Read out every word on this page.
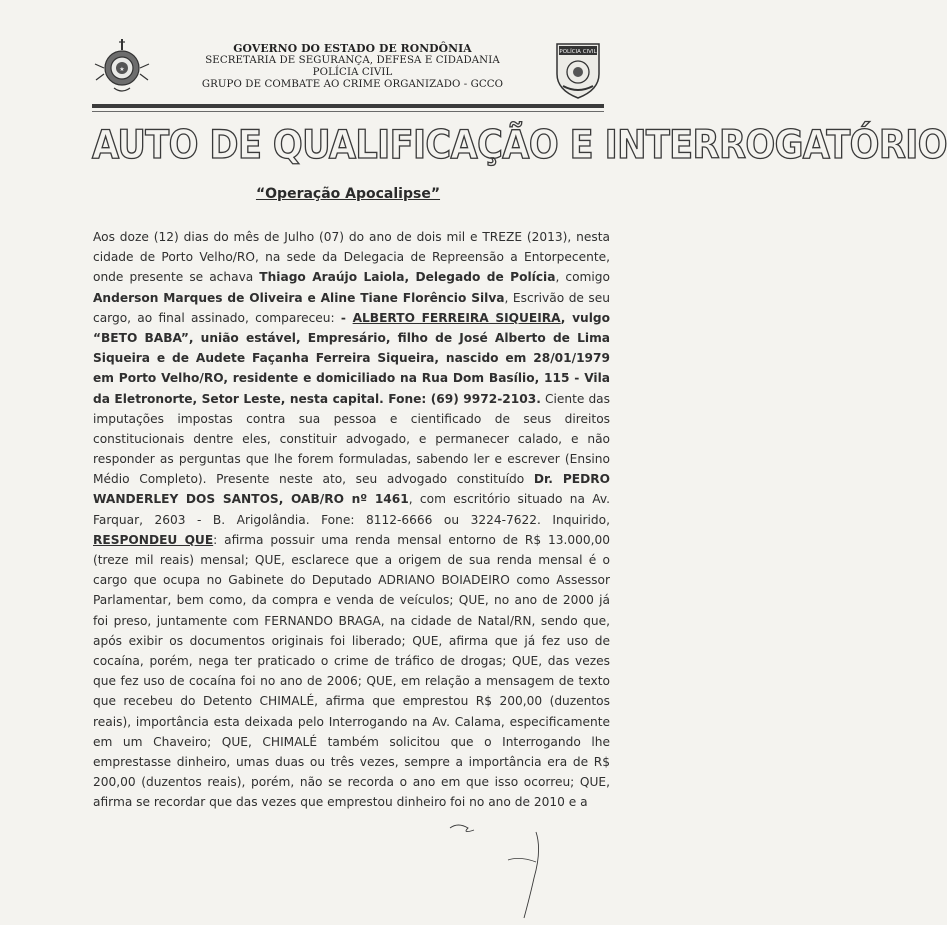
★
GOVERNO DO ESTADO DE RONDÔNIA
SECRETARIA DE SEGURANÇA, DEFESA E CIDADANIA
POLÍCIA CIVIL
GRUPO DE COMBATE AO CRIME ORGANIZADO - GCCO
POLÍCIA CIVIL
AUTO DE QUALIFICAÇÃO E INTERROGATÓRIO
“Operação Apocalipse”
Aos doze (12) dias do mês de Julho (07) do ano de dois mil e TREZE (2013), nesta
cidade de Porto Velho/RO, na sede da Delegacia de Repreensão a Entorpecente,
onde presente se achava Thiago Araújo Laiola, Delegado de Polícia, comigo
Anderson Marques de Oliveira e Aline Tiane Florêncio Silva, Escrivão de seu
cargo, ao final assinado, compareceu: - ALBERTO FERREIRA SIQUEIRA, vulgo
“BETO BABA”, união estável, Empresário, filho de José Alberto de Lima
Siqueira e de Audete Façanha Ferreira Siqueira, nascido em 28/01/1979
em Porto Velho/RO, residente e domiciliado na Rua Dom Basílio, 115 - Vila
da Eletronorte, Setor Leste, nesta capital. Fone: (69) 9972-2103. Ciente das
imputações impostas contra sua pessoa e cientificado de seus direitos
constitucionais dentre eles, constituir advogado, e permanecer calado, e não
responder as perguntas que lhe forem formuladas, sabendo ler e escrever (Ensino
Médio Completo). Presente neste ato, seu advogado constituído Dr. PEDRO
WANDERLEY DOS SANTOS, OAB/RO nº 1461, com escritório situado na Av.
Farquar, 2603 - B. Arigolândia. Fone: 8112-6666 ou 3224-7622. Inquirido,
RESPONDEU QUE: afirma possuir uma renda mensal entorno de R$ 13.000,00
(treze mil reais) mensal; QUE, esclarece que a origem de sua renda mensal é o
cargo que ocupa no Gabinete do Deputado ADRIANO BOIADEIRO como Assessor
Parlamentar, bem como, da compra e venda de veículos; QUE, no ano de 2000 já
foi preso, juntamente com FERNANDO BRAGA, na cidade de Natal/RN, sendo que,
após exibir os documentos originais foi liberado; QUE, afirma que já fez uso de
cocaína, porém, nega ter praticado o crime de tráfico de drogas; QUE, das vezes
que fez uso de cocaína foi no ano de 2006; QUE, em relação a mensagem de texto
que recebeu do Detento CHIMALÉ, afirma que emprestou R$ 200,00 (duzentos
reais), importância esta deixada pelo Interrogando na Av. Calama, especificamente
em um Chaveiro; QUE, CHIMALÉ também solicitou que o Interrogando lhe
emprestasse dinheiro, umas duas ou três vezes, sempre a importância era de R$
200,00 (duzentos reais), porém, não se recorda o ano em que isso ocorreu; QUE,
afirma se recordar que das vezes que emprestou dinheiro foi no ano de 2010 e a
